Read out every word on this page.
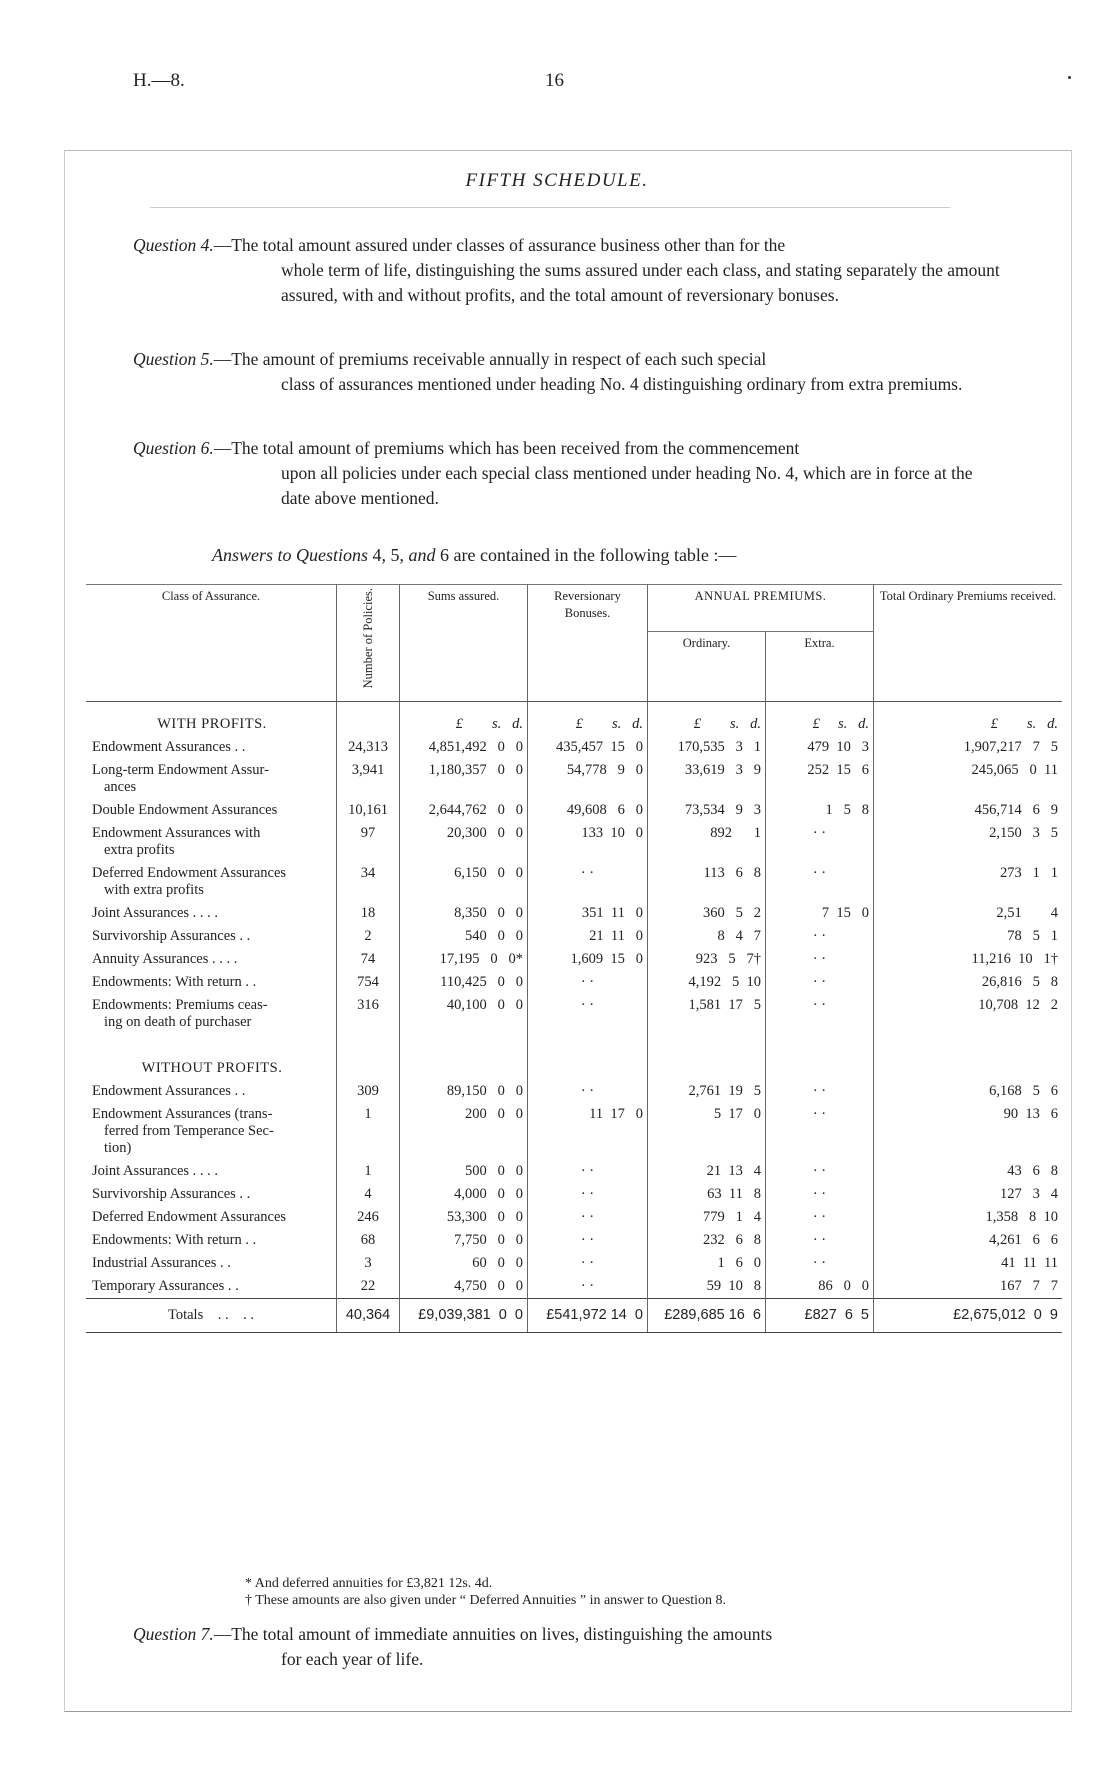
H.—8.	16
FIFTH SCHEDULE.
Question 4.—The total amount assured under classes of assurance business other than for the
whole term of life, distinguishing the sums assured under each class, and stating separately the amount assured, with and without profits, and the total amount of reversionary bonuses.
Question 5.—The amount of premiums receivable annually in respect of each such special
class of assurances mentioned under heading No. 4 distinguishing ordinary from extra premiums.
Question 6.—The total amount of premiums which has been received from the commencement
upon all policies under each special class mentioned under heading No. 4, which are in force at the date above mentioned.
Answers to Questions 4, 5, and 6 are contained in the following table :—
Class of Assurance.	Number of Policies.	Sums assured.	Reversionary Bonuses.	ANNUAL PREMIUMS.		Total Ordinary Premiums received.
				Ordinary.	Extra.	
WITH PROFITS.		£        s.   d.	£        s.   d.	£        s.   d.	£     s.   d.	£        s.   d.
Endowment Assurances . .	24,313	4,851,492   0   0	435,457  15   0	170,535   3   1	479  10   3	1,907,217   7   5
Long-term Endowment Assur-
ances	3,941	1,180,357   0   0	54,778   9   0	33,619   3   9	252  15   6	245,065   0  11
Double Endowment Assurances	10,161	2,644,762   0   0	49,608   6   0	73,534   9   3	1   5   8	456,714   6   9
Endowment Assurances with
extra profits	97	20,300   0   0	133  10   0	892      1	· ·	2,150   3   5
Deferred Endowment Assurances
with extra profits	34	6,150   0   0	· ·	113   6   8	· ·	273   1   1
Joint Assurances . . . .	18	8,350   0   0	351  11   0	360   5   2	7  15   0	2,51        4
Survivorship Assurances . .	2	540   0   0	21  11   0	8   4   7	· ·	78   5   1
Annuity Assurances . . . .	74	17,195   0   0*	1,609  15   0	923   5   7†	· ·	11,216  10   1†
Endowments: With return . .	754	110,425   0   0	· ·	4,192   5  10	· ·	26,816   5   8
Endowments: Premiums ceas-
ing on death of purchaser	316	40,100   0   0	· ·	1,581  17   5	· ·	10,708  12   2

WITHOUT PROFITS.						
Endowment Assurances . .	309	89,150   0   0	· ·	2,761  19   5	· ·	6,168   5   6
Endowment Assurances (trans-
ferred from Temperance Sec-
tion)	1	200   0   0	11  17   0	5  17   0	· ·	90  13   6
Joint Assurances . . . .	1	500   0   0	· ·	21  13   4	· ·	43   6   8
Survivorship Assurances . .	4	4,000   0   0	· ·	63  11   8	· ·	127   3   4
Deferred Endowment Assurances	246	53,300   0   0	· ·	779   1   4	· ·	1,358   8  10
Endowments: With return . .	68	7,750   0   0	· ·	232   6   8	· ·	4,261   6   6
Industrial Assurances . .	3	60   0   0	· ·	1   6   0	· ·	41  11  11
Temporary Assurances . .	22	4,750   0   0	· ·	59  10   8	86   0   0	167   7   7
Totals    . .    . .	40,364	£9,039,381  0  0	£541,972 14  0	£289,685 16  6	£827  6  5	£2,675,012  0  9
* And deferred annuities for £3,821 12s. 4d.
† These amounts are also given under “ Deferred Annuities ” in answer to Question 8.
Question 7.—The total amount of immediate annuities on lives, distinguishing the amounts
for each year of life.
